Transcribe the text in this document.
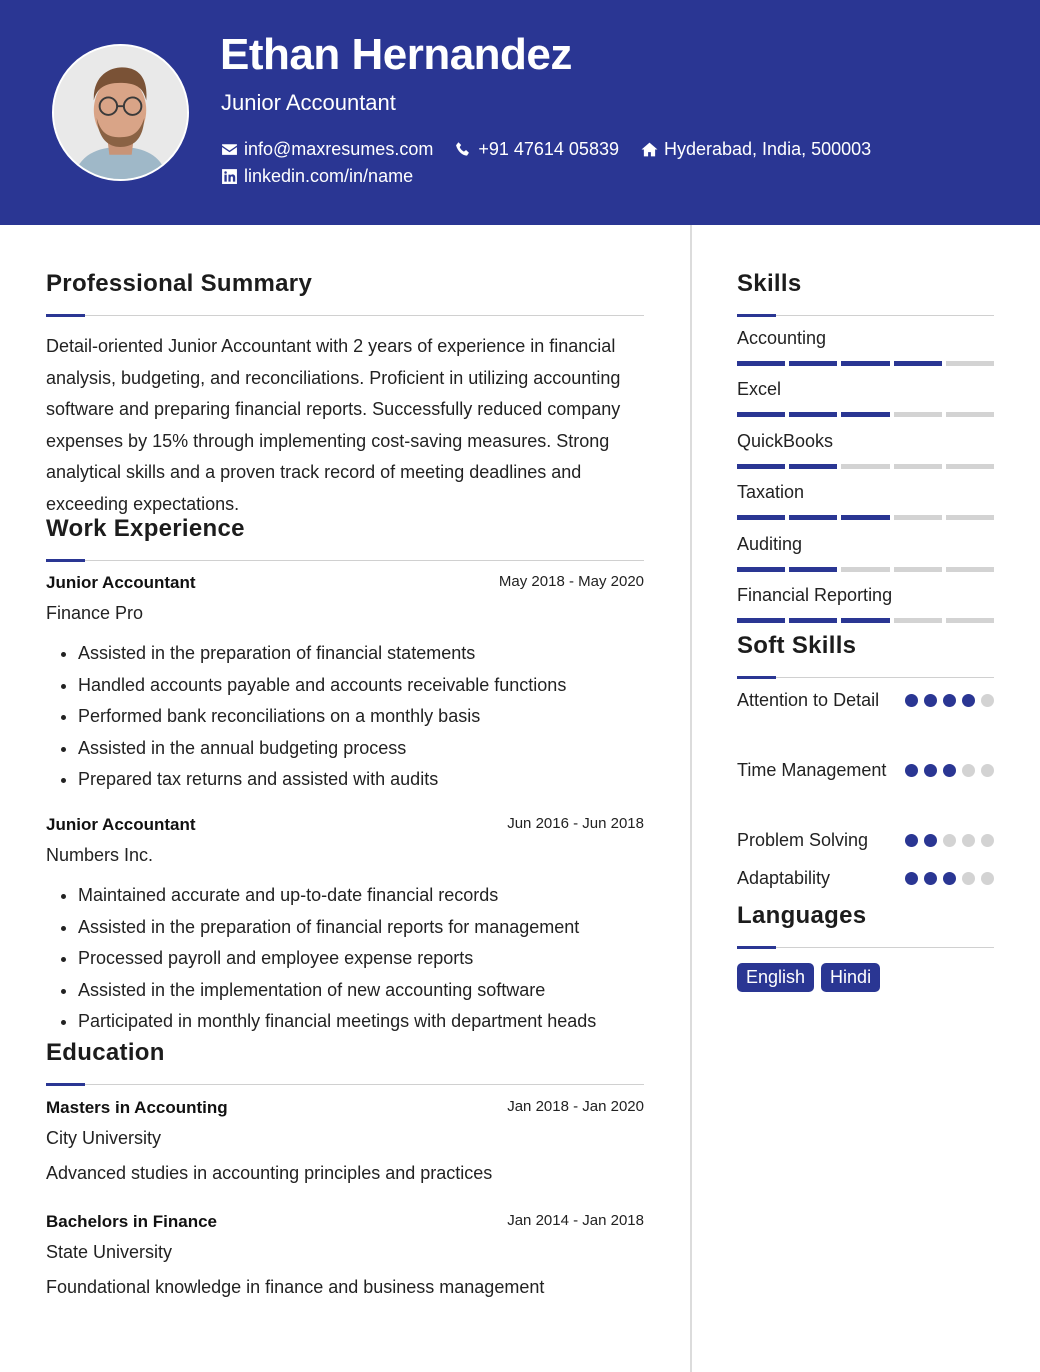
Ethan Hernandez
Junior Accountant
info@maxresumes.com	+91 47614 05839	Hyderabad, India, 500003
linkedin.com/in/name
Professional Summary

Detail-oriented Junior Accountant with 2 years of experience in financial analysis, budgeting, and reconciliations. Proficient in utilizing accounting software and preparing financial reports. Successfully reduced company expenses by 15% through implementing cost-saving measures. Strong analytical skills and a proven track record of meeting deadlines and exceeding expectations.

Work Experience
Junior Accountant	May 2018 - May 2020
Finance Pro
• Assisted in the preparation of financial statements
• Handled accounts payable and accounts receivable functions
• Performed bank reconciliations on a monthly basis
• Assisted in the annual budgeting process
• Prepared tax returns and assisted with audits
Junior Accountant	Jun 2016 - Jun 2018
Numbers Inc.
• Maintained accurate and up-to-date financial records
• Assisted in the preparation of financial reports for management
• Processed payroll and employee expense reports
• Assisted in the implementation of new accounting software
• Participated in monthly financial meetings with department heads
Education
Masters in Accounting	Jan 2018 - Jan 2020
City University
Advanced studies in accounting principles and practices
Bachelors in Finance	Jan 2014 - Jan 2018
State University
Foundational knowledge in finance and business management
Skills
Accounting
Excel
QuickBooks
Taxation
Auditing
Financial Reporting
Soft Skills
Attention to Detail
Time Management
Problem Solving
Adaptability
Languages
English	Hindi
